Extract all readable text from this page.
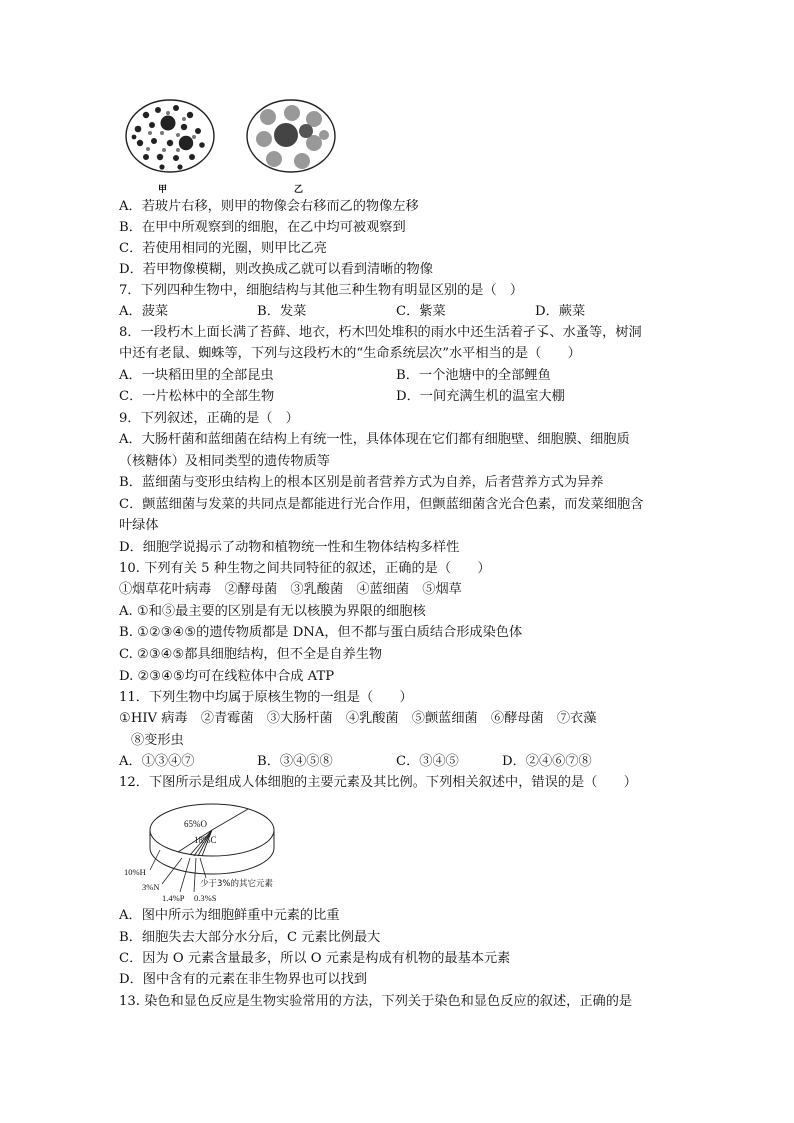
甲	乙
A．若玻片右移，则甲的物像会右移而乙的物像左移
B．在甲中所观察到的细胞，在乙中均可被观察到
C．若使用相同的光圈，则甲比乙亮
D．若甲物像模糊，则改换成乙就可以看到清晰的物像
7．下列四种生物中，细胞结构与其他三种生物有明显区别的是（　）
A．菠菜	B．发菜	C．紫菜	D．蕨菜
8．一段朽木上面长满了苔藓、地衣，朽木凹处堆积的雨水中还生活着孑孓、水蚤等，树洞
中还有老鼠、蜘蛛等，下列与这段朽木的“生命系统层次”水平相当的是（　　）
A．一块稻田里的全部昆虫	B．一个池塘中的全部鲤鱼
C．一片松林中的全部生物	D．一间充满生机的温室大棚
9．下列叙述，正确的是（　）
A．大肠杆菌和蓝细菌在结构上有统一性，具体体现在它们都有细胞壁、细胞膜、细胞质
（核糖体）及相同类型的遗传物质等
B．蓝细菌与变形虫结构上的根本区别是前者营养方式为自养，后者营养方式为异养
C．颤蓝细菌与发菜的共同点是都能进行光合作用，但颤蓝细菌含光合色素，而发菜细胞含
叶绿体
D．细胞学说揭示了动物和植物统一性和生物体结构多样性
10. 下列有关 5 种生物之间共同特征的叙述，正确的是（　　）
①烟草花叶病毒　②酵母菌　③乳酸菌　④蓝细菌　⑤烟草
A. ①和⑤最主要的区别是有无以核膜为界限的细胞核
B. ①②③④⑤的遗传物质都是 DNA，但不都与蛋白质结合形成染色体
C. ②③④⑤都具细胞结构，但不全是自养生物
D. ②③④⑤均可在线粒体中合成 ATP
11．下列生物中均属于原核生物的一组是（　　）
①HIV 病毒　②青霉菌　③大肠杆菌　④乳酸菌　⑤颤蓝细菌　⑥酵母菌　⑦衣藻
⑧变形虫
A．①③④⑦	B．③④⑤⑧	C．③④⑤	D．②④⑥⑦⑧
12．下图所示是组成人体细胞的主要元素及其比例。下列相关叙述中，错误的是（　　）
65%O
18%C
10%H
3%N
1.4%P 0.3%S
少于3%的其它元素
A．图中所示为细胞鲜重中元素的比重
B．细胞失去大部分水分后，C 元素比例最大
C．因为 O 元素含量最多，所以 O 元素是构成有机物的最基本元素
D．图中含有的元素在非生物界也可以找到
13. 染色和显色反应是生物实验常用的方法，下列关于染色和显色反应的叙述，正确的是
